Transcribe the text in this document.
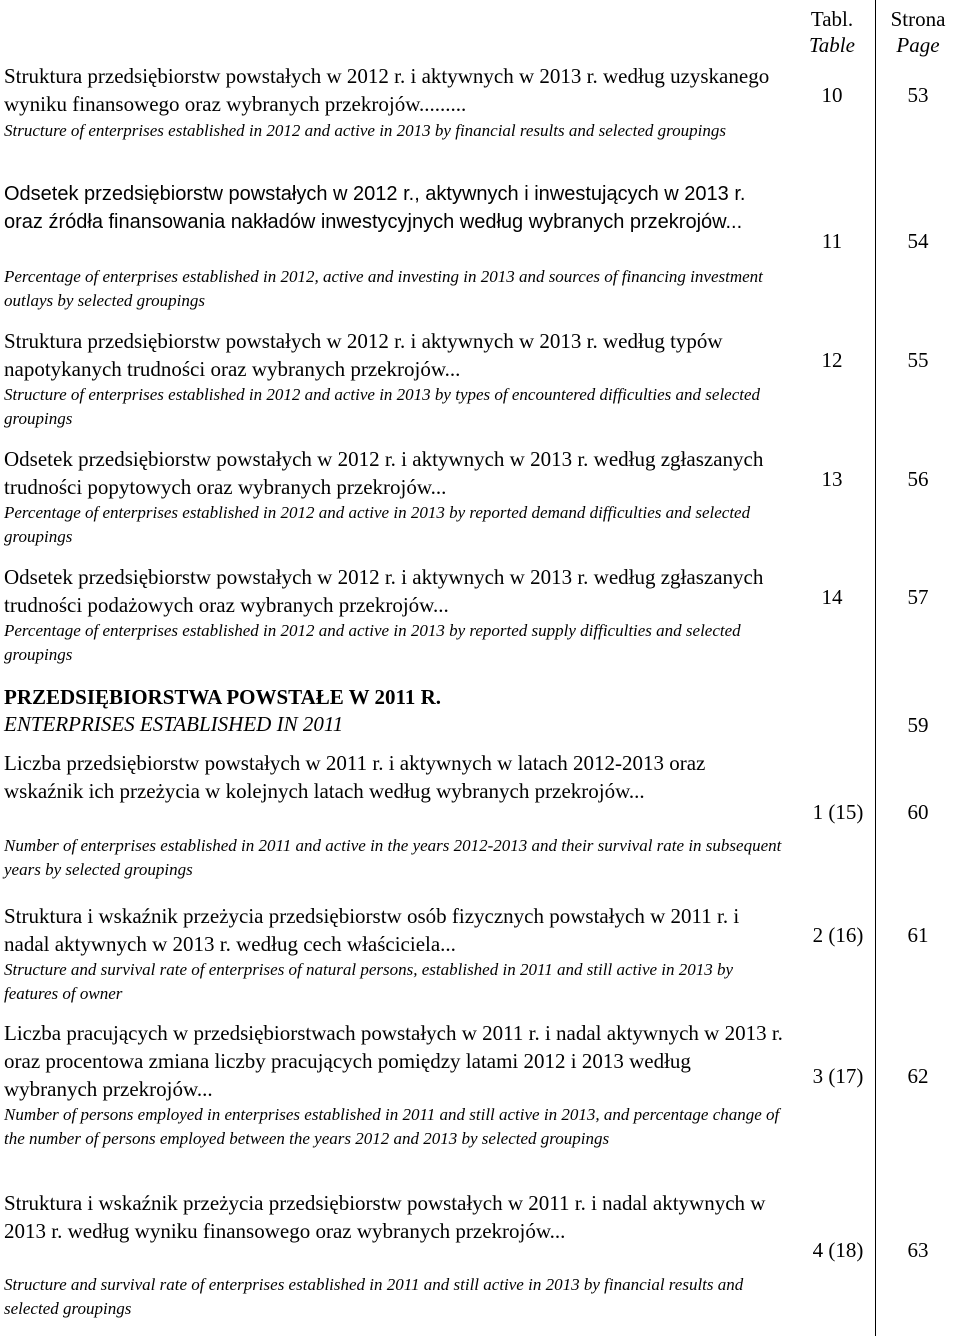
Tabl.
Table
Strona
Page
Struktura przedsiębiorstw powstałych w 2012 r. i aktywnych w 2013 r. według uzyskanego wyniku finansowego oraz wybranych przekrojów.........
Structure of enterprises established in 2012 and active in 2013 by financial results and selected groupings
10	53
Odsetek przedsiębiorstw powstałych w 2012 r., aktywnych i inwestujących w 2013 r. oraz źródła finansowania nakładów inwestycyjnych według wybranych przekrojów...
Percentage of enterprises established in 2012, active and investing in 2013 and sources of financing investment outlays by selected groupings
11	54
Struktura przedsiębiorstw powstałych w 2012 r. i aktywnych w 2013 r. według typów napotykanych trudności oraz wybranych przekrojów...
Structure of enterprises established in 2012 and active in 2013 by types of encountered difficulties and selected groupings
12	55
Odsetek przedsiębiorstw powstałych w 2012 r. i aktywnych w 2013 r. według zgłaszanych trudności popytowych oraz wybranych przekrojów...
Percentage of enterprises established in 2012 and active in 2013 by reported demand difficulties and selected groupings
13	56
Odsetek przedsiębiorstw powstałych w 2012 r. i aktywnych w 2013 r. według zgłaszanych trudności podażowych oraz wybranych przekrojów...
Percentage of enterprises established in 2012 and active in 2013 by reported supply difficulties and selected groupings
14	57
PRZEDSIĘBIORSTWA POWSTAŁE W 2011 R.
ENTERPRISES ESTABLISHED IN 2011	59
Liczba przedsiębiorstw powstałych w 2011 r. i aktywnych w latach 2012-2013 oraz wskaźnik ich przeżycia w kolejnych latach według wybranych przekrojów...
Number of enterprises established in 2011 and active in the years 2012-2013 and their survival rate in subsequent years by selected groupings
1 (15)	60
Struktura i wskaźnik przeżycia przedsiębiorstw osób fizycznych powstałych w 2011 r. i nadal aktywnych w 2013 r. według cech właściciela...
Structure and survival rate of enterprises of natural persons, established in 2011 and still active in 2013 by features of owner
2 (16)	61
Liczba pracujących w przedsiębiorstwach powstałych w 2011 r. i nadal aktywnych w 2013 r. oraz procentowa zmiana liczby pracujących pomiędzy latami 2012 i 2013 według wybranych przekrojów...
Number of persons employed in enterprises established in 2011 and still active in 2013, and percentage change of the number of persons employed between the years 2012 and 2013 by selected groupings
3 (17)	62
Struktura i wskaźnik przeżycia przedsiębiorstw powstałych w 2011 r. i nadal aktywnych w 2013 r. według wyniku finansowego oraz wybranych przekrojów...
Structure and survival rate of enterprises established in 2011 and still active in 2013 by financial results and selected groupings
4 (18)	63
